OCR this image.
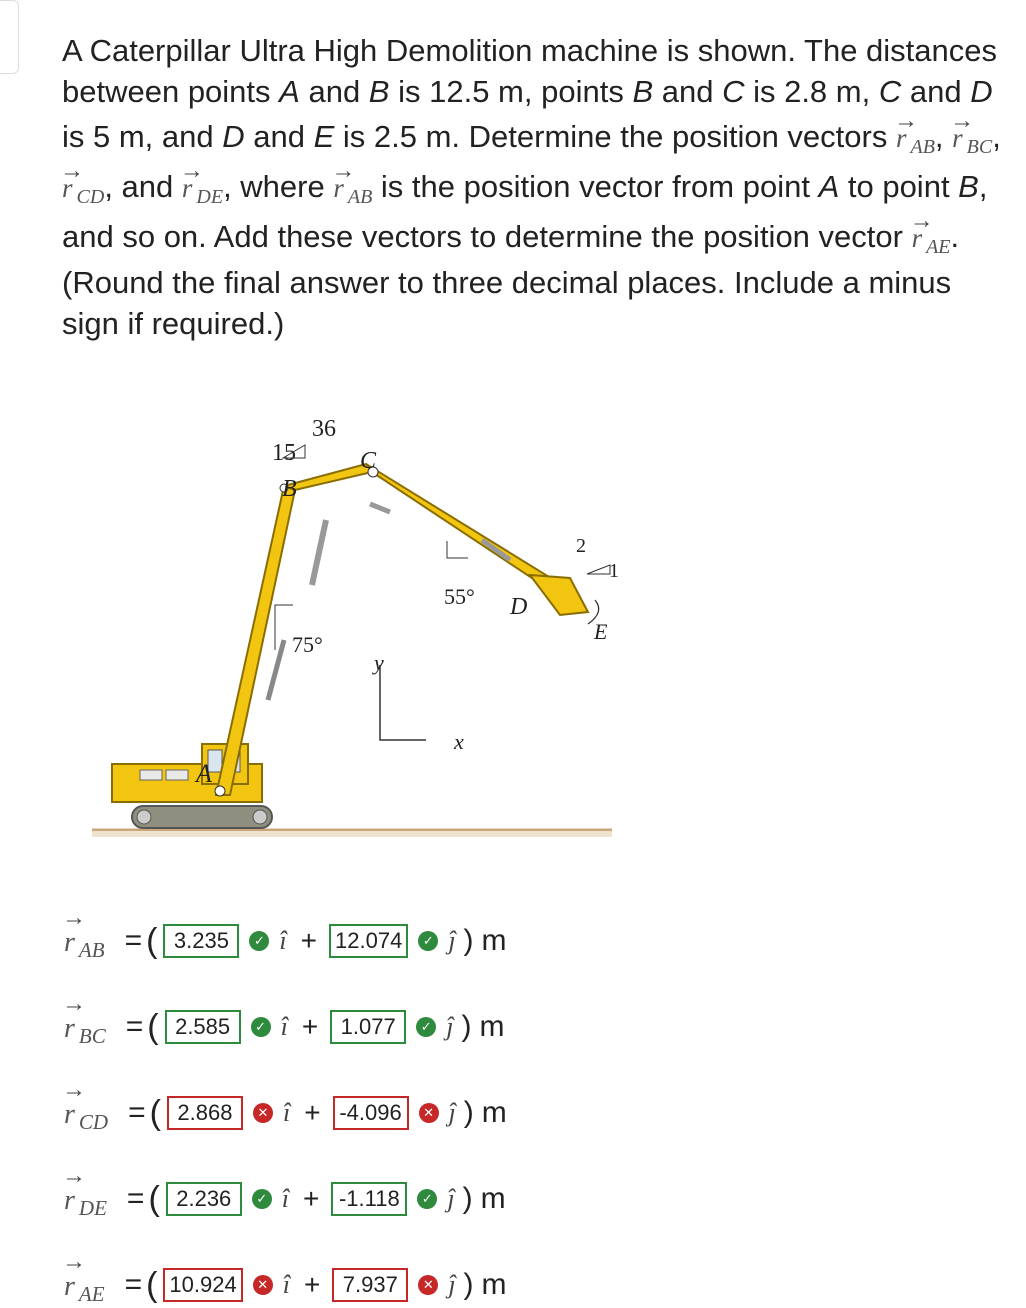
A Caterpillar Ultra High Demolition machine is shown. The distances between points A and B is 12.5 m, points B and C is 2.8 m, C and D is 5 m, and D and E is 2.5 m. Determine the position vectors → r AB, → r BC, → r CD, and → r DE, where → r AB is the position vector from point A to point B, and so on. Add these vectors to determine the position vector → r AE. (Round the final answer to three decimal places. Include a minus sign if required.)

36
15
2
1
C
B
D
E
A
75°
55°
y
x
→ r AB = ( 3.235	✓ î + 12.074	✓ ĵ ) m
→ r BC = ( 2.585	✓ î +	1.077	✓ ĵ ) m
→ r CD = ( 2.868	✕ î + -4.096	✕ ĵ ) m
→ r DE = ( 2.236	✓ î + -1.118	✓ ĵ ) m
→ r AE = ( 10.924	✕ î +	7.937	✕ ĵ ) m
